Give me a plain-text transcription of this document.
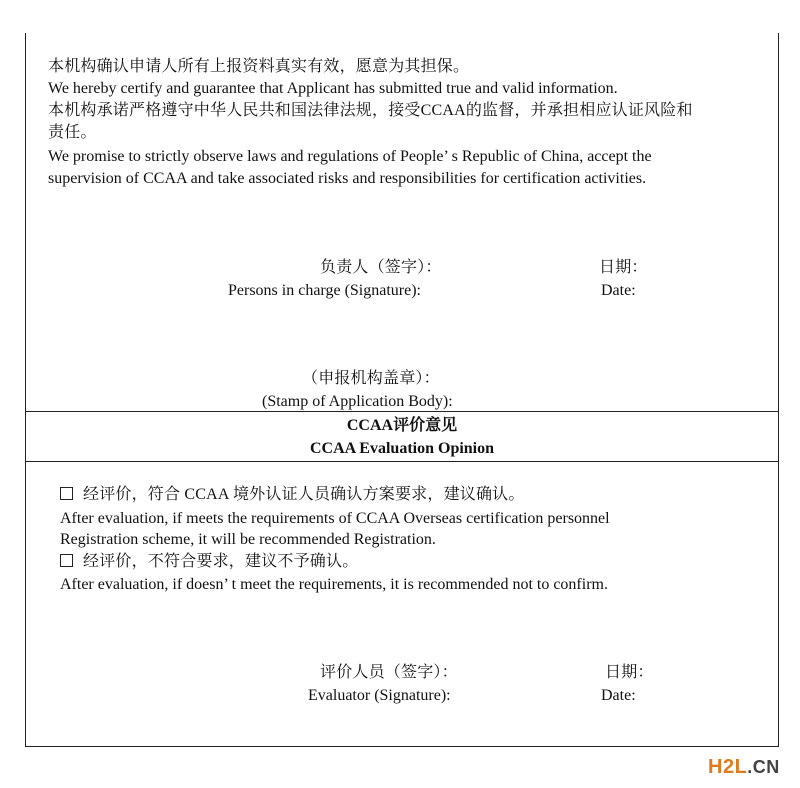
本机构确认申请人所有上报资料真实有效，愿意为其担保。

We hereby certify and guarantee that Applicant has submitted true and valid information.

本机构承诺严格遵守中华人民共和国法律法规，接受CCAA的监督，并承担相应认证风险和

责任。

We promise to strictly observe laws and regulations of People’ s Republic of China, accept the

supervision of CCAA and take associated risks and responsibilities for certification activities.

负责人（签字）：

Persons in charge (Signature):

日期：

Date:

（申报机构盖章）：

(Stamp of Application Body):

CCAA评价意见
CCAA Evaluation Opinion

经评价，符合 CCAA 境外认证人员确认方案要求，建议确认。

After evaluation, if meets the requirements of CCAA Overseas certification personnel

Registration scheme, it will be recommended Registration.

经评价，不符合要求，建议不予确认。

After evaluation, if doesn’ t meet the requirements, it is recommended not to confirm.

评价人员（签字）：

Evaluator (Signature):

日期：

Date:

H2L.CN
